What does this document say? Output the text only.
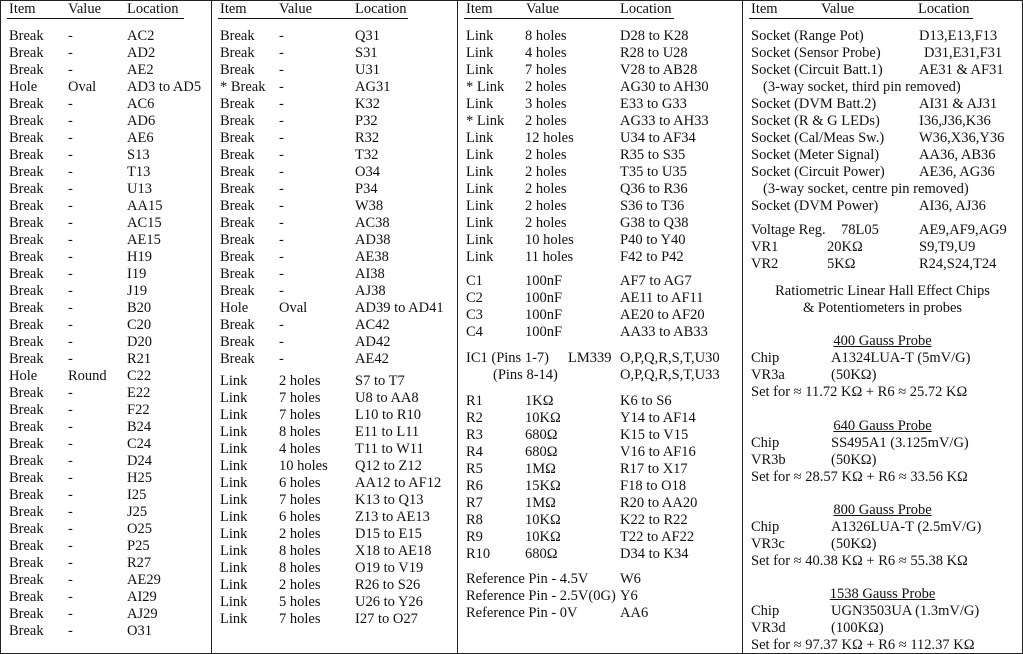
Item Value Location
Break -	AC2
Break -	AD2
Break -	AE2
Hole Oval AD3 to AD5
Break -	AC6
Break -	AD6
Break -	AE6
Break -	S13
Break -	T13
Break -	U13
Break -	AA15
Break -	AC15
Break -	AE15
Break -	H19
Break -	I19
Break -	J19
Break -	B20
Break -	C20
Break -	D20
Break -	R21
Hole Round C22
Break -	E22
Break -	F22
Break -	B24
Break -	C24
Break -	D24
Break -	H25
Break -	I25
Break -	J25
Break -	O25
Break -	P25
Break -	R27
Break -	AE29
Break -	AI29
Break -	AJ29
Break -	O31
Item Value	Location
Break -	Q31
Break -	S31
Break -	U31
* Break -	AG31
Break -	K32
Break -	P32
Break -	R32
Break -	T32
Break -	O34
Break -	P34
Break -	W38
Break -	AC38
Break -	AD38
Break -	AE38
Break -	AI38
Break -	AJ38
Hole Oval	AD39 to AD41
Break -	AC42
Break -	AD42
Break -	AE42
Link 2 holes S7 to T7
Link 7 holes U8 to AA8
Link 7 holes L10 to R10
Link 8 holes E11 to L11
Link 4 holes T11 to W11
Link 10 holes Q12 to Z12
Link 6 holes AA12 to AF12
Link 7 holes K13 to Q13
Link 6 holes Z13 to AE13
Link 2 holes D15 to E15
Link 8 holes X18 to AE18
Link 8 holes O19 to V19
Link 2 holes R26 to S26
Link 5 holes U26 to Y26
Link 7 holes I27 to O27
Item Value	Location
Link 8 holes	D28 to K28
Link 4 holes	R28 to U28
Link 7 holes	V28 to AB28
* Link 2 holes	AG30 to AH30
Link 3 holes	E33 to G33
* Link 2 holes	AG33 to AH33
Link 12 holes	U34 to AF34
Link 2 holes	R35 to S35
Link 2 holes	T35 to U35
Link 2 holes	Q36 to R36
Link 2 holes	S36 to T36
Link 2 holes	G38 to Q38
Link 10 holes	P40 to Y40
Link 11 holes	F42 to P42
C1	100nF	AF7 to AG7
C2	100nF	AE11 to AF11
C3	100nF	AE20 to AF20
C4	100nF	AA33 to AB33
IC1 (Pins 1-7) LM339 O,P,Q,R,S,T,U30
(Pins 8-14)	O,P,Q,R,S,T,U33
R1	1KΩ	K6 to S6
R2	10KΩ	Y14 to AF14
R3	680Ω	K15 to V15
R4	680Ω	V16 to AF16
R5	1MΩ	R17 to X17
R6	15KΩ	F18 to O18
R7	1MΩ	R20 to AA20
R8	10KΩ	K22 to R22
R9	10KΩ	T22 to AF22
R10 680Ω	D34 to K34
Reference Pin - 4.5V W6
Reference Pin - 2.5V(0G) Y6
Reference Pin - 0V	AA6
Item	Value	Location
Socket (Range Pot)	D13,E13,F13
Socket (Sensor Probe)	D31,E31,F31
Socket (Circuit Batt.1)	AE31 & AF31
(3-way socket, third pin removed)
Socket (DVM Batt.2)	AI31 & AJ31
Socket (R & G LEDs)	I36,J36,K36
Socket (Cal/Meas Sw.) W36,X36,Y36
Socket (Meter Signal)	AA36, AB36
Socket (Circuit Power) AE36, AG36
(3-way socket, centre pin removed)
Socket (DVM Power)	AI36, AJ36
Voltage Reg. 78L05	AE9,AF9,AG9
VR1	20KΩ	S9,T9,U9
VR2	5KΩ	R24,S24,T24
Ratiometric Linear Hall Effect Chips
& Potentiometers in probes
400 Gauss Probe
Chip	A1324LUA-T (5mV/G)
VR3a	(50KΩ)
Set for ≈ 11.72 KΩ + R6 ≈ 25.72 KΩ
640 Gauss Probe
Chip	SS495A1 (3.125mV/G)
VR3b	(50KΩ)
Set for ≈ 28.57 KΩ + R6 ≈ 33.56 KΩ
800 Gauss Probe
Chip	A1326LUA-T (2.5mV/G)
VR3c	(50KΩ)
Set for ≈ 40.38 KΩ + R6 ≈ 55.38 KΩ
1538 Gauss Probe
Chip	UGN3503UA (1.3mV/G)
VR3d	(100KΩ)
Set for ≈ 97.37 KΩ + R6 ≈ 112.37 KΩ
